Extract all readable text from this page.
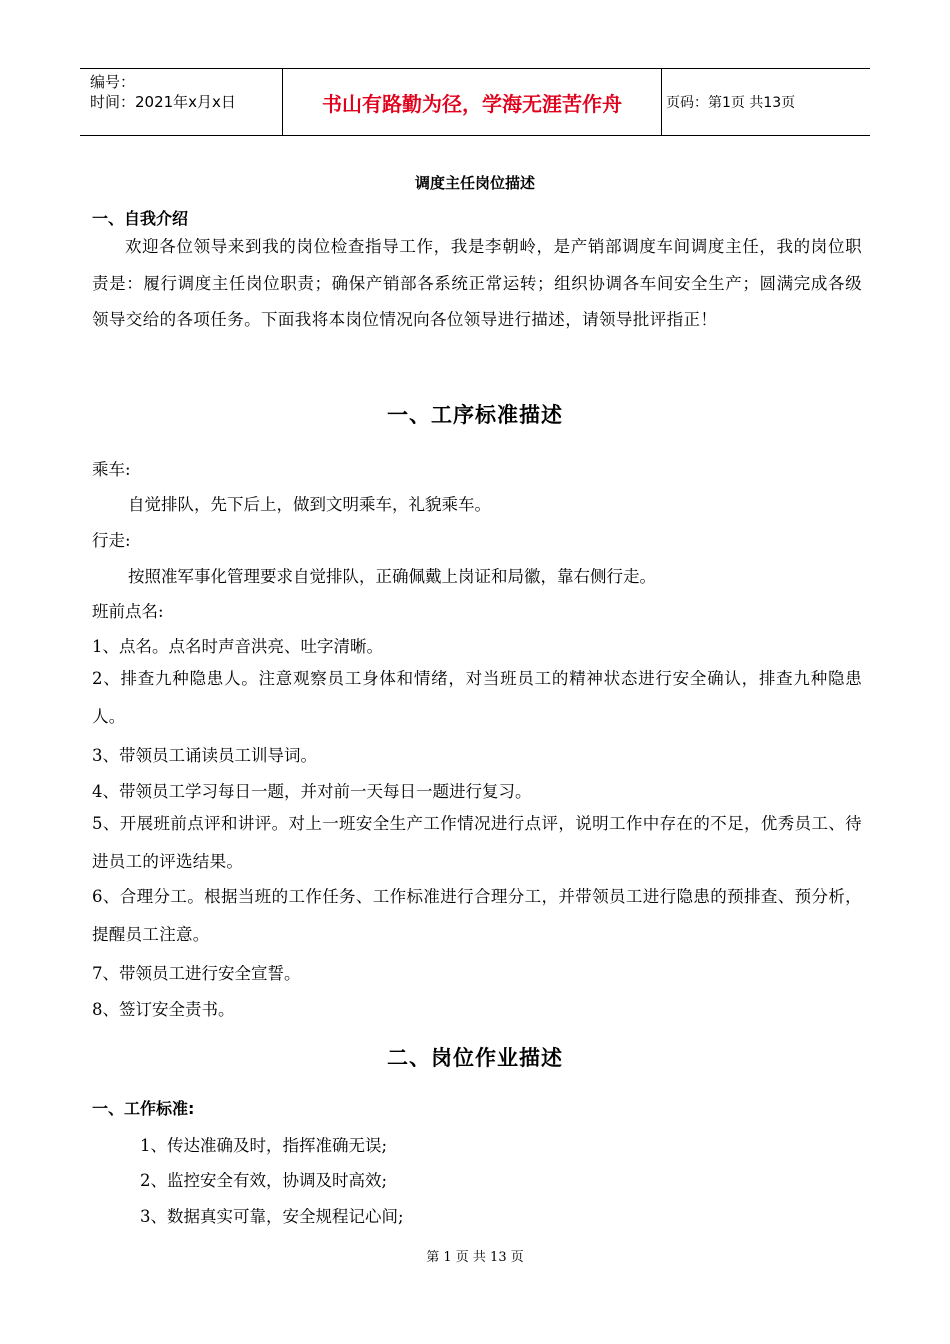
编号：
时间：2021年x月x日	书山有路勤为径，学海无涯苦作舟	页码：第1页 共13页
调度主任岗位描述
一、自我介绍
欢迎各位领导来到我的岗位检查指导工作，我是李朝岭，是产销部调度车间调度主任，我的岗位职责是：履行调度主任岗位职责；确保产销部各系统正常运转；组织协调各车间安全生产；圆满完成各级领导交给的各项任务。下面我将本岗位情况向各位领导进行描述，请领导批评指正！
一、工序标准描述
乘车:
自觉排队，先下后上，做到文明乘车，礼貌乘车。
行走:
按照准军事化管理要求自觉排队，正确佩戴上岗证和局徽，靠右侧行走。
班前点名:
1、点名。点名时声音洪亮、吐字清晰。
2、排查九种隐患人。注意观察员工身体和情绪，对当班员工的精神状态进行安全确认，排查九种隐患人。
3、带领员工诵读员工训导词。
4、带领员工学习每日一题，并对前一天每日一题进行复习。
5、开展班前点评和讲评。对上一班安全生产工作情况进行点评，说明工作中存在的不足，优秀员工、待进员工的评选结果。
6、合理分工。根据当班的工作任务、工作标准进行合理分工，并带领员工进行隐患的预排查、预分析，提醒员工注意。
7、带领员工进行安全宣誓。
8、签订安全责书。
二、岗位作业描述
一、工作标准:
1、传达准确及时，指挥准确无误;
2、监控安全有效，协调及时高效;
3、数据真实可靠，安全规程记心间;
第 1 页 共 13 页
